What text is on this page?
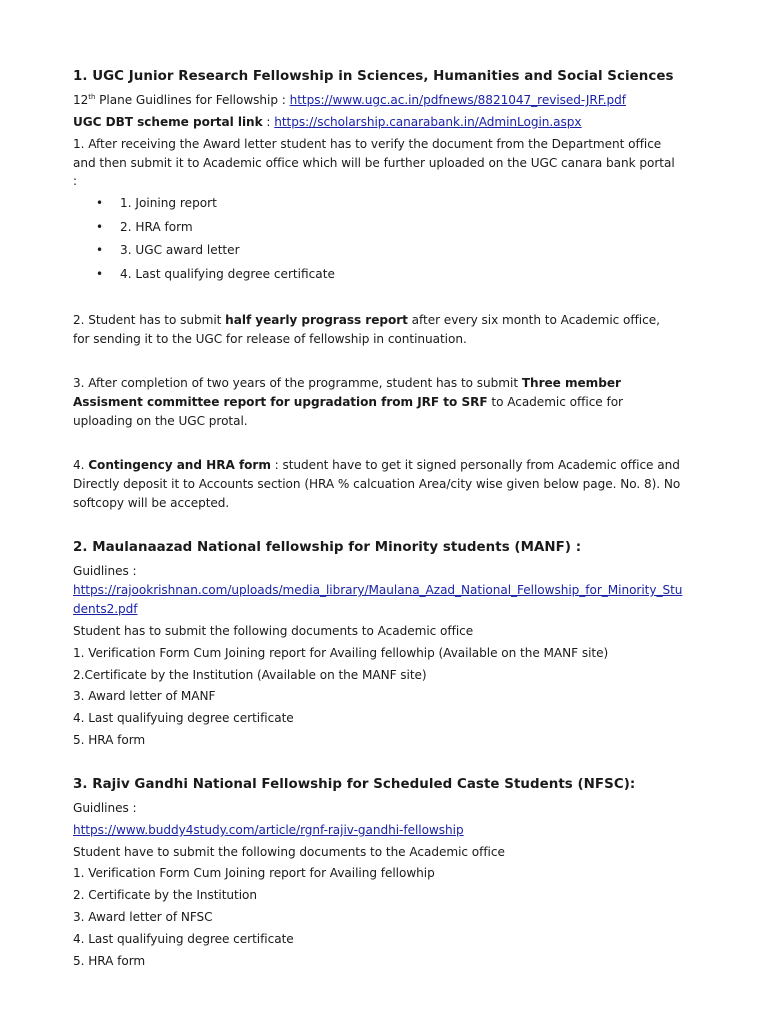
1. UGC Junior Research Fellowship in Sciences, Humanities and Social Sciences
12th Plane Guidlines for Fellowship : https://www.ugc.ac.in/pdfnews/8821047_revised-JRF.pdf
UGC DBT scheme portal link : https://scholarship.canarabank.in/AdminLogin.aspx
1. After receiving the Award letter student has to verify the document from the Department office
and then submit it to Academic office which will be further uploaded on the UGC canara bank portal
:
• 1. Joining report
• 2. HRA form
• 3. UGC award letter
• 4. Last qualifying degree certificate
2. Student has to submit half yearly prograss report after every six month to Academic office,
for sending it to the UGC for release of fellowship in continuation.
3. After completion of two years of the programme, student has to submit Three member
Assisment committee report for upgradation from JRF to SRF to Academic office for
uploading on the UGC protal.
4. Contingency and HRA form : student have to get it signed personally from Academic office and
Directly deposit it to Accounts section (HRA % calcuation Area/city wise given below page. No. 8). No
softcopy will be accepted.
2. Maulanaazad National fellowship for Minority students (MANF) :
Guidlines :
https://rajookrishnan.com/uploads/media_library/Maulana_Azad_National_Fellowship_for_Minority_Stu
dents2.pdf
Student has to submit the following documents to Academic office
1. Verification Form Cum Joining report for Availing fellowhip (Available on the MANF site)
2.Certificate by the Institution (Available on the MANF site)
3. Award letter of MANF
4. Last qualifyuing degree certificate
5. HRA form
3. Rajiv Gandhi National Fellowship for Scheduled Caste Students (NFSC):
Guidlines :
https://www.buddy4study.com/article/rgnf-rajiv-gandhi-fellowship
Student have to submit the following documents to the Academic office
1. Verification Form Cum Joining report for Availing fellowhip
2. Certificate by the Institution
3. Award letter of NFSC
4. Last qualifyuing degree certificate
5. HRA form
